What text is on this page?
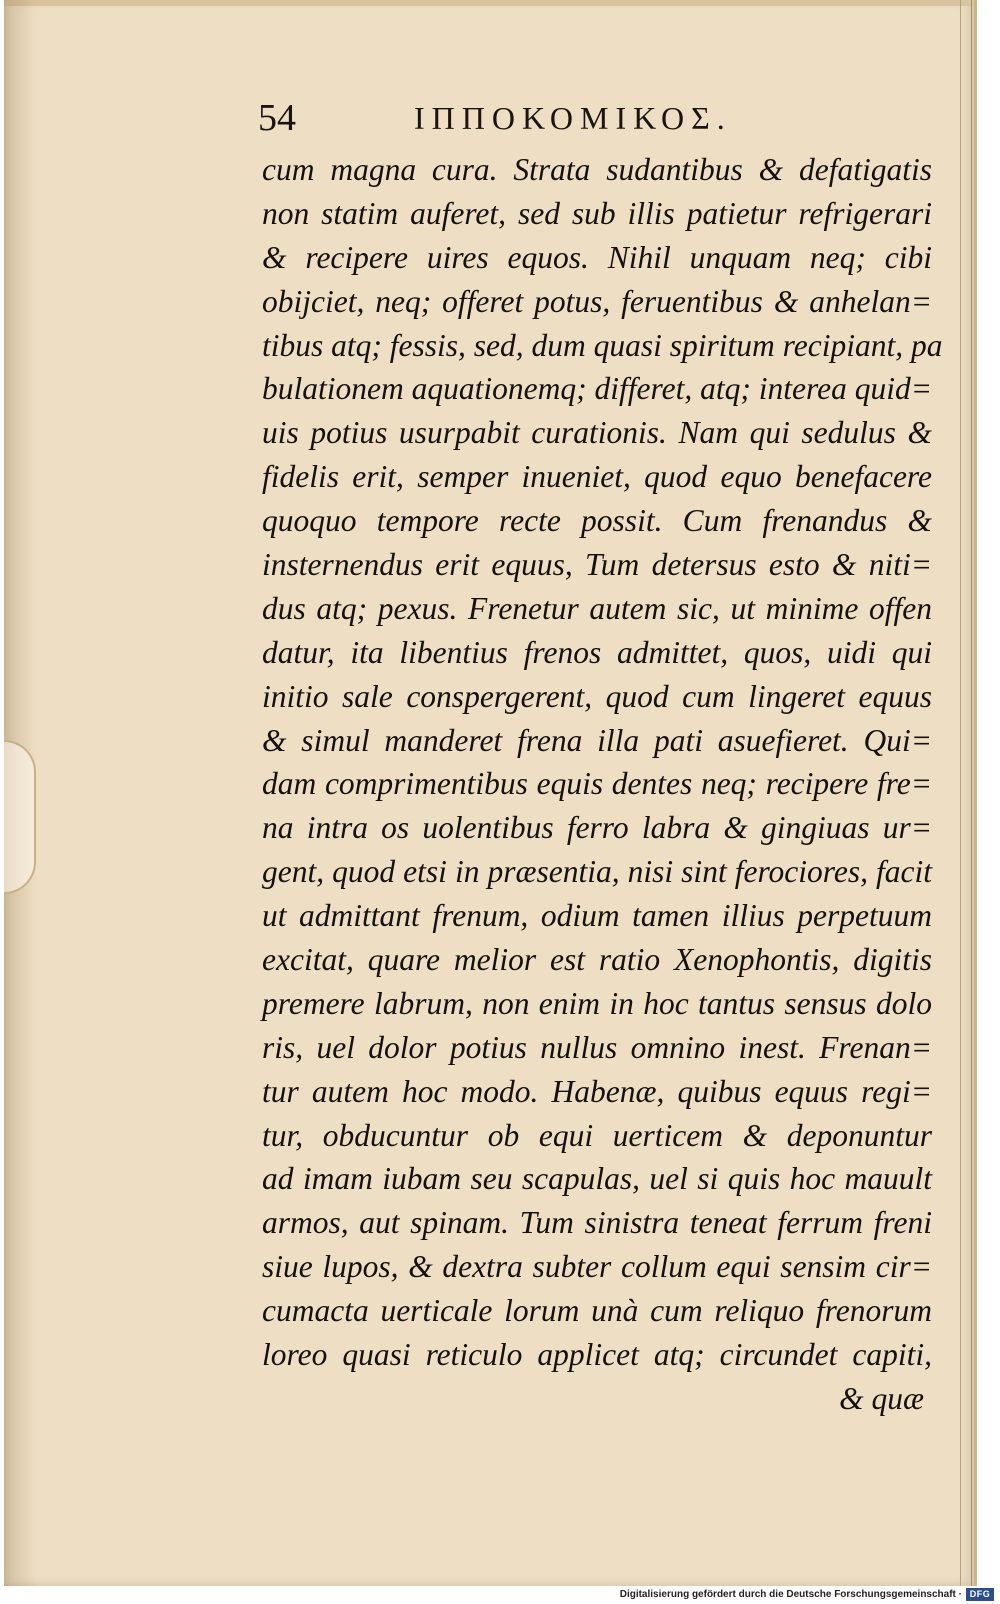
54	ΙΠΠΟΚΟΜΙΚΟΣ.
cum magna cura. Strata sudantibus & defatigatis
non statim auferet, sed sub illis patietur refrigerari
& recipere uires equos. Nihil unquam neq; cibi
obijciet, neq; offeret potus, feruentibus & anhelan=
tibus atq; fessis, sed, dum quasi spiritum recipiant, pa
bulationem aquationemq; differet, atq; interea quid=
uis potius usurpabit curationis. Nam qui sedulus &
fidelis erit, semper inueniet, quod equo benefacere
quoquo tempore recte possit. Cum frenandus &
insternendus erit equus, Tum detersus esto & niti=
dus atq; pexus. Frenetur autem sic, ut minime offen
datur, ita libentius frenos admittet, quos, uidi qui
initio sale conspergerent, quod cum lingeret equus
& simul manderet frena illa pati asuefieret. Qui=
dam comprimentibus equis dentes neq; recipere fre=
na intra os uolentibus ferro labra & gingiuas ur=
gent, quod etsi in præsentia, nisi sint ferociores, facit
ut admittant frenum, odium tamen illius perpetuum
excitat, quare melior est ratio Xenophontis, digitis
premere labrum, non enim in hoc tantus sensus dolo
ris, uel dolor potius nullus omnino inest. Frenan=
tur autem hoc modo. Habenæ, quibus equus regi=
tur, obducuntur ob equi uerticem & deponuntur
ad imam iubam seu scapulas, uel si quis hoc mauult
armos, aut spinam. Tum sinistra teneat ferrum freni
siue lupos, & dextra subter collum equi sensim cir=
cumacta uerticale lorum unà cum reliquo frenorum
loreo quasi reticulo applicet atq; circundet capiti,
& quæ
Digitalisierung gefördert durch die Deutsche Forschungsgemeinschaft · DFG
